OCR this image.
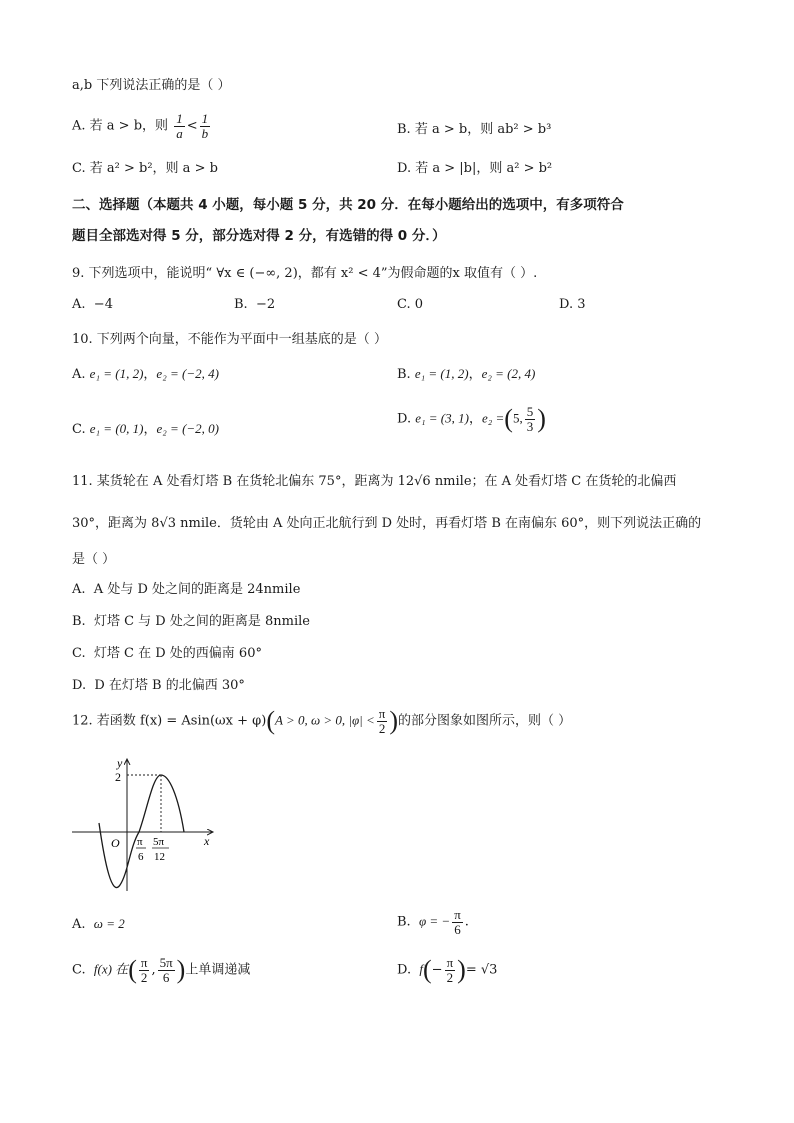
a,b 下列说法正确的是（ ）
A. 若 a > b，则 $\frac{1}{a} < \frac{1}{b}$	B. 若 a > b，则 ab² > b³
C. 若 a² > b²，则 a > b	D. 若 a > |b|，则 a² > b²
二、选择题（本题共 4 小题，每小题 5 分，共 20 分．在每小题给出的选项中，有多项符合
题目全部选对得 5 分，部分选对得 2 分，有选错的得 0 分．）
9. 下列选项中，能说明“ ∀x ∈ (−∞, 2)，都有 x² < 4”为假命题的x 取值有（ ）.
A. −4	B. −2	C. 0	D. 3
10. 下列两个向量，不能作为平面中一组基底的是（ ）
A. e₁ = (1, 2)，e₂ = (−2, 4)	B. e₁ = (1, 2)，e₂ = (2, 4)
C. e₁ = (0, 1)，e₂ = (−2, 0)
D. e₁ = (3, 1)，e₂ =(5, $\frac{5}{3}$ )
11. 某货轮在 A 处看灯塔 B 在货轮北偏东 75°，距离为 12√6 nmile；在 A 处看灯塔 C 在货轮的北偏西
30°，距离为 8√3 nmile．货轮由 A 处向正北航行到 D 处时，再看灯塔 B 在南偏东 60°，则下列说法正确的
是（ ）
A. A 处与 D 处之间的距离是 24nmile
B. 灯塔 C 与 D 处之间的距离是 8nmile
C. 灯塔 C 在 D 处的西偏南 60°
D. D 在灯塔 B 的北偏西 30°
12. 若函数 f(x) = Asin(ωx + φ)(A > 0, ω > 0, $|\varphi| < \frac{\pi}{2}$ )的部分图象如图所示，则（ ）
y
x
O
2
π
6
5π
12
A. ω = 2	B. φ = − $\frac{\pi}{6}$ .
C. f(x) 在( $\frac{\pi}{2}$ , $\frac{5\pi}{6}$ )上单调递减	D. $f(- \frac{\pi}{2}$ )= √3
